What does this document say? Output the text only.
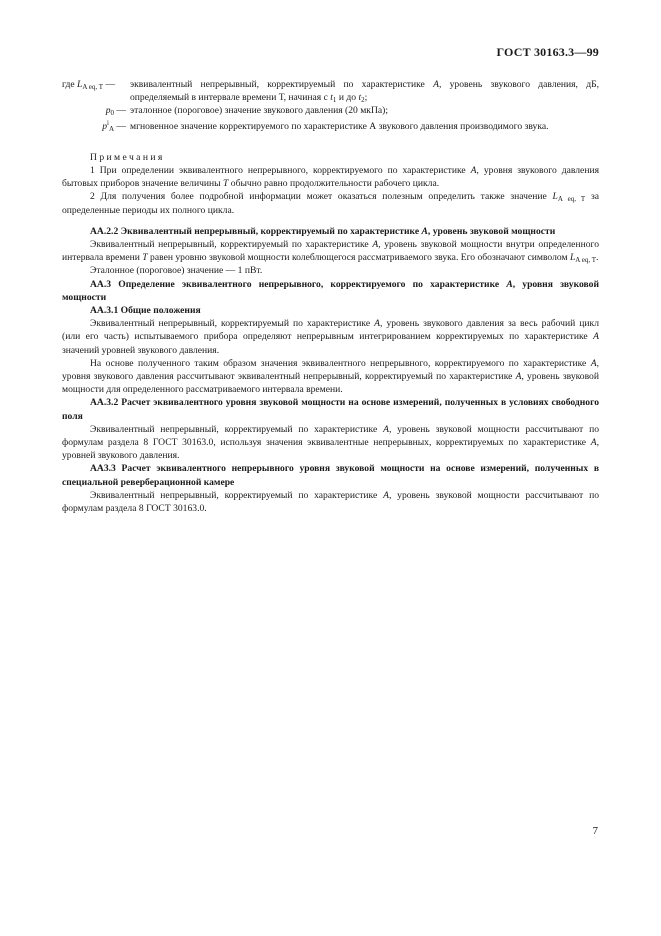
ГОСТ 30163.3—99
где $L_{A eq, T}$ —	эквивалентный непрерывный, корректируемый по характеристике A, уровень звукового давления, дБ, определяемый в интервале времени Т, начиная с $t_1$ и до $t_2$;
$p_0$ — эталонное (пороговое) значение звукового давления (20 мкПа);
$p^i_A$ — мгновенное значение корректируемого по характеристике А звукового давления производимого звука.

Примечания

1 При определении эквивалентного непрерывного, корректируемого по характеристике A, уровня звукового давления бытовых приборов значение величины T обычно равно продолжительности рабочего цикла.

2 Для получения более подробной информации может оказаться полезным определить также значение $L_{A eq, T}$ за определенные периоды их полного цикла.

АА.2.2 Эквивалентный непрерывный, корректируемый по характеристике A, уровень звуковой мощности

Эквивалентный непрерывный, корректируемый по характеристике A, уровень звуковой мощности внутри определенного интервала времени T равен уровню звуковой мощности колеблющегося рассматриваемого звука. Его обозначают символом $L_{A eq, T}$.

Эталонное (пороговое) значение — 1 пВт.

АА.3 Определение эквивалентного непрерывного, корректируемого по характеристике A, уровня звуковой мощности

АА.3.1 Общие положения

Эквивалентный непрерывный, корректируемый по характеристике A, уровень звукового давления за весь рабочий цикл (или его часть) испытываемого прибора определяют непрерывным интегрированием корректируемых по характеристике A значений уровней звукового давления.

На основе полученного таким образом значения эквивалентного непрерывного, корректируемого по характеристике A, уровня звукового давления рассчитывают эквивалентный непрерывный, корректируемый по характеристике A, уровень звуковой мощности для определенного рассматриваемого интервала времени.

АА.3.2 Расчет эквивалентного уровня звуковой мощности на основе измерений, полученных в условиях свободного поля

Эквивалентный непрерывный, корректируемый по характеристике A, уровень звуковой мощности рассчитывают по формулам раздела 8 ГОСТ 30163.0, используя значения эквивалентные непрерывных, корректируемых по характеристике A, уровней звукового давления.

АА3.3 Расчет эквивалентного непрерывного уровня звуковой мощности на основе измерений, полученных в специальной реверберационной камере

Эквивалентный непрерывный, корректируемый по характеристике A, уровень звуковой мощности рассчитывают по формулам раздела 8 ГОСТ 30163.0.

7
